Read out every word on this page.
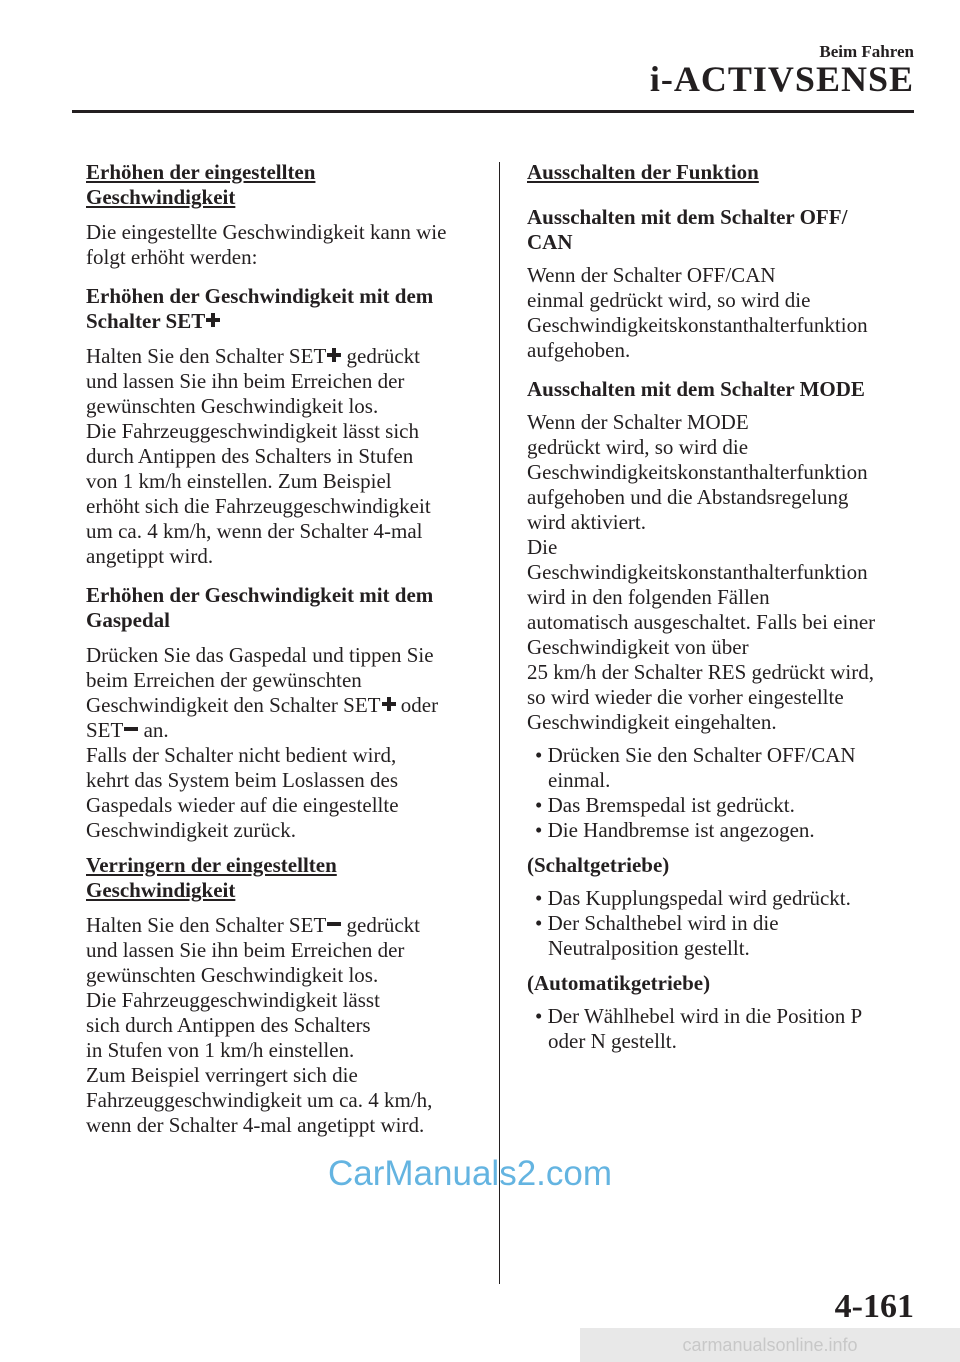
Beim Fahren
i-ACTIVSENSE
Erhöhen der eingestellten
Geschwindigkeit
Die eingestellte Geschwindigkeit kann wie
folgt erhöht werden:
Erhöhen der Geschwindigkeit mit dem
Schalter SET
Halten Sie den Schalter SET gedrückt
und lassen Sie ihn beim Erreichen der
gewünschten Geschwindigkeit los.
Die Fahrzeuggeschwindigkeit lässt sich
durch Antippen des Schalters in Stufen
von 1 km/h einstellen. Zum Beispiel
erhöht sich die Fahrzeuggeschwindigkeit
um ca. 4 km/h, wenn der Schalter 4-mal
angetippt wird.
Erhöhen der Geschwindigkeit mit dem
Gaspedal
Drücken Sie das Gaspedal und tippen Sie
beim Erreichen der gewünschten
Geschwindigkeit den Schalter SET oder
SET an.
Falls der Schalter nicht bedient wird,
kehrt das System beim Loslassen des
Gaspedals wieder auf die eingestellte
Geschwindigkeit zurück.
Verringern der eingestellten
Geschwindigkeit
Halten Sie den Schalter SET gedrückt
und lassen Sie ihn beim Erreichen der
gewünschten Geschwindigkeit los.
Die Fahrzeuggeschwindigkeit lässt
sich durch Antippen des Schalters
in Stufen von 1 km/h einstellen.
Zum Beispiel verringert sich die
Fahrzeuggeschwindigkeit um ca. 4 km/h,
wenn der Schalter 4-mal angetippt wird.
Ausschalten der Funktion
Ausschalten mit dem Schalter OFF/
CAN
Wenn der Schalter OFF/CAN
einmal gedrückt wird, so wird die
Geschwindigkeitskonstanthalterfunktion
aufgehoben.
Ausschalten mit dem Schalter MODE
Wenn der Schalter MODE
gedrückt wird, so wird die
Geschwindigkeitskonstanthalterfunktion
aufgehoben und die Abstandsregelung
wird aktiviert.
Die
Geschwindigkeitskonstanthalterfunktion
wird in den folgenden Fällen
automatisch ausgeschaltet. Falls bei einer
Geschwindigkeit von über
25 km/h der Schalter RES gedrückt wird,
so wird wieder die vorher eingestellte
Geschwindigkeit eingehalten.
• Drücken Sie den Schalter OFF/CAN
einmal.
• Das Bremspedal ist gedrückt.
• Die Handbremse ist angezogen.
(Schaltgetriebe)
• Das Kupplungspedal wird gedrückt.
• Der Schalthebel wird in die
Neutralposition gestellt.
(Automatikgetriebe)
• Der Wählhebel wird in die Position P
oder N gestellt.
CarManuals2.com
4-161
carmanualsonline.info
